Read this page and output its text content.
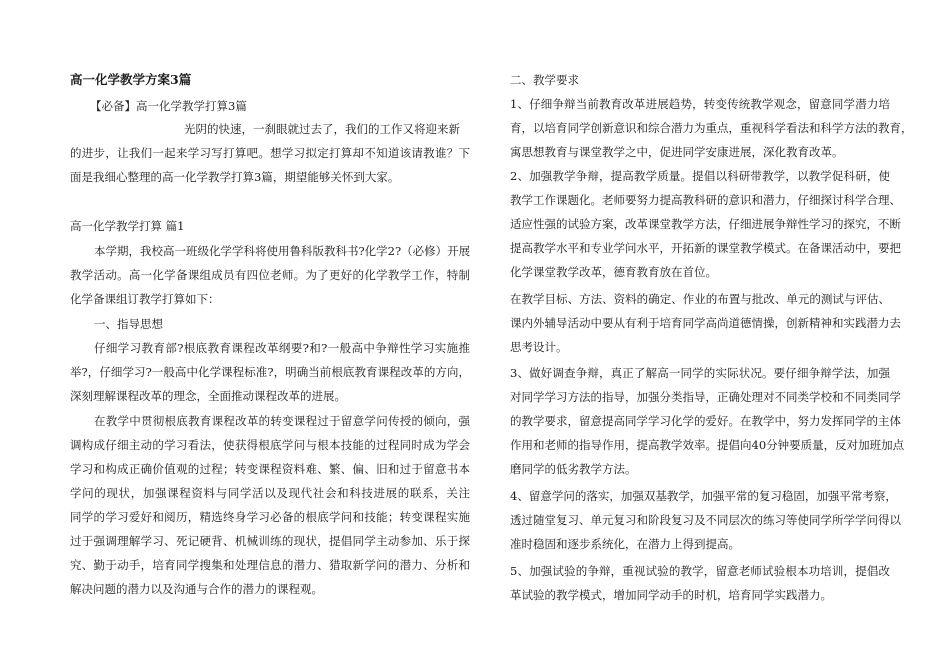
高一化学教学方案3篇
【必备】高一化学教学打算3篇
光阴的快速，一刹眼就过去了，我们的工作又将迎来新
的进步，让我们一起来学习写打算吧。想学习拟定打算却不知道该请教谁？下
面是我细心整理的高一化学教学打算3篇，期望能够关怀到大家。
高一化学教学打算 篇1
本学期，我校高一班级化学学科将使用鲁科版教科书?化学2?（必修）开展
教学活动。高一化学备课组成员有四位老师。为了更好的化学教学工作，特制
化学备课组订教学打算如下：
一、指导思想
仔细学习教育部?根底教育课程改革纲要?和?一般高中争辩性学习实施推
举?，仔细学习?一般高中化学课程标准?，明确当前根底教育课程改革的方向，
深刻理解课程改革的理念，全面推动课程改革的进展。
在教学中贯彻根底教育课程改革的转变课程过于留意学问传授的倾向，强
调构成仔细主动的学习看法，使获得根底学问与根本技能的过程同时成为学会
学习和构成正确价值观的过程；转变课程资料难、繁、偏、旧和过于留意书本
学问的现状，加强课程资料与同学活以及现代社会和科技进展的联系，关注
同学的学习爱好和阅历，精选终身学习必备的根底学问和技能；转变课程实施
过于强调理解学习、死记硬背、机械训练的现状，提倡同学主动参加、乐于探
究、勤于动手，培育同学搜集和处理信息的潜力、猎取新学问的潜力、分析和
解决问题的潜力以及沟通与合作的潜力的课程观。
二、教学要求
1、仔细争辩当前教育改革进展趋势，转变传统教学观念，留意同学潜力培
育，以培育同学创新意识和综合潜力为重点，重视科学看法和科学方法的教育，
寓思想教育与课堂教学之中，促进同学安康进展，深化教育改革。
2、加强教学争辩，提高教学质量。提倡以科研带教学，以教学促科研，使
教学工作课题化。老师要努力提高教科研的意识和潜力，仔细探讨科学合理、
适应性强的试验方案，改革课堂教学方法，仔细进展争辩性学习的探究，不断
提高教学水平和专业学问水平，开拓新的课堂教学模式。在备课活动中，要把
化学课堂教学改革，德育教育放在首位。
在教学目标、方法、资料的确定、作业的布置与批改、单元的测试与评估、
课内外辅导活动中要从有利于培育同学高尚道德情操，创新精神和实践潜力去
思考设计。
3、做好调查争辩，真正了解高一同学的实际状况。要仔细争辩学法，加强
对同学学习方法的指导，加强分类指导，正确处理对不同类学校和不同类同学
的教学要求，留意提高同学学习化学的爱好。在教学中，努力发挥同学的主体
作用和老师的指导作用，提高教学效率。提倡向40分钟要质量，反对加班加点
磨同学的低劣教学方法。
4、留意学问的落实，加强双基教学，加强平常的复习稳固，加强平常考察，
透过随堂复习、单元复习和阶段复习及不同层次的练习等使同学所学学问得以
准时稳固和逐步系统化，在潜力上得到提高。
5、加强试验的争辩，重视试验的教学，留意老师试验根本功培训，提倡改
革试验的教学模式，增加同学动手的时机，培育同学实践潜力。
